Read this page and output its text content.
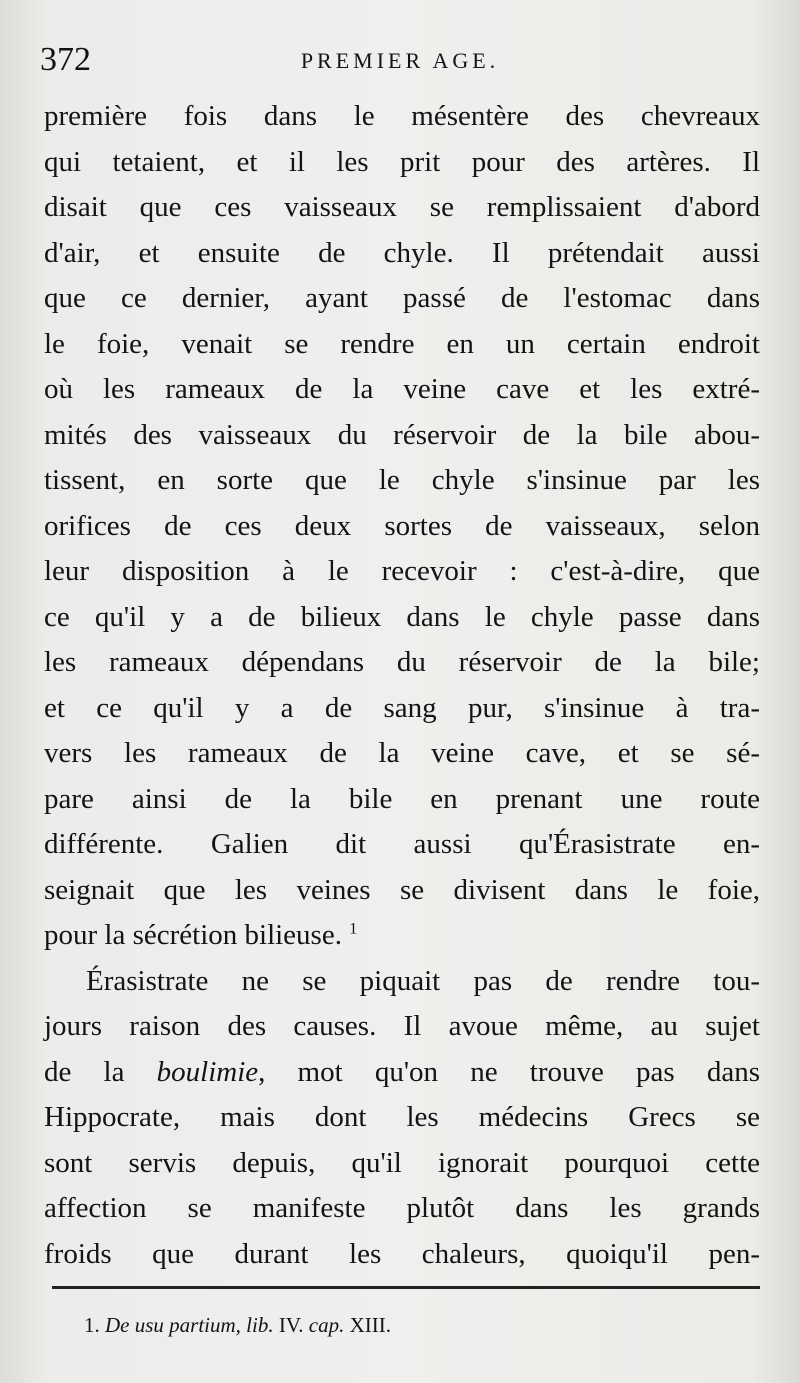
372	PREMIER AGE.
première fois dans le mésentère des chevreaux
qui tetaient, et il les prit pour des artères. Il
disait que ces vaisseaux se remplissaient d'abord
d'air, et ensuite de chyle. Il prétendait aussi
que ce dernier, ayant passé de l'estomac dans
le foie, venait se rendre en un certain endroit
où les rameaux de la veine cave et les extré-
mités des vaisseaux du réservoir de la bile abou-
tissent, en sorte que le chyle s'insinue par les
orifices de ces deux sortes de vaisseaux, selon
leur disposition à le recevoir : c'est-à-dire, que
ce qu'il y a de bilieux dans le chyle passe dans
les rameaux dépendans du réservoir de la bile;
et ce qu'il y a de sang pur, s'insinue à tra-
vers les rameaux de la veine cave, et se sé-
pare ainsi de la bile en prenant une route
différente. Galien dit aussi qu'Érasistrate en-
seignait que les veines se divisent dans le foie,
pour la sécrétion bilieuse. $^1$
Érasistrate ne se piquait pas de rendre tou-
jours raison des causes. Il avoue même, au sujet
de la boulimie, mot qu'on ne trouve pas dans
Hippocrate, mais dont les médecins Grecs se
sont servis depuis, qu'il ignorait pourquoi cette
affection se manifeste plutôt dans les grands
froids que durant les chaleurs, quoiqu'il pen-
1. De usu partium, lib. IV. cap. XIII.
